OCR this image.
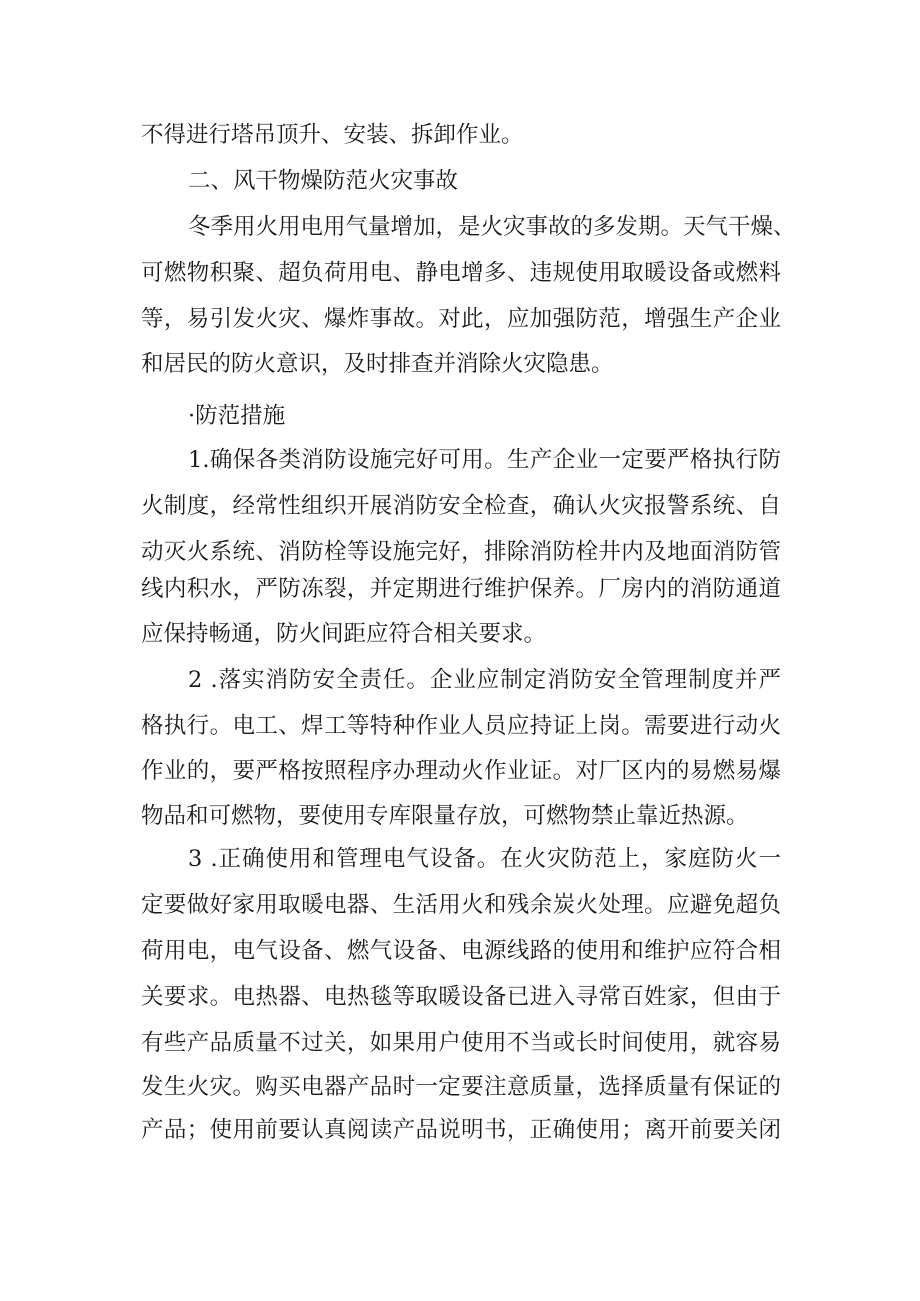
不得进行塔吊顶升、安装、拆卸作业。
二、风干物燥防范火灾事故
冬季用火用电用气量增加，是火灾事故的多发期。天气干燥、
可燃物积聚、超负荷用电、静电增多、违规使用取暖设备或燃料
等，易引发火灾、爆炸事故。对此，应加强防范，增强生产企业
和居民的防火意识，及时排查并消除火灾隐患。
·防范措施
1.确保各类消防设施完好可用。生产企业一定要严格执行防
火制度，经常性组织开展消防安全检查，确认火灾报警系统、自
动灭火系统、消防栓等设施完好，排除消防栓井内及地面消防管
线内积水，严防冻裂，并定期进行维护保养。厂房内的消防通道
应保持畅通，防火间距应符合相关要求。
2 .落实消防安全责任。企业应制定消防安全管理制度并严
格执行。电工、焊工等特种作业人员应持证上岗。需要进行动火
作业的，要严格按照程序办理动火作业证。对厂区内的易燃易爆
物品和可燃物，要使用专库限量存放，可燃物禁止靠近热源。
3 .正确使用和管理电气设备。在火灾防范上，家庭防火一
定要做好家用取暖电器、生活用火和残余炭火处理。应避免超负
荷用电，电气设备、燃气设备、电源线路的使用和维护应符合相
关要求。电热器、电热毯等取暖设备已进入寻常百姓家，但由于
有些产品质量不过关，如果用户使用不当或长时间使用，就容易
发生火灾。购买电器产品时一定要注意质量，选择质量有保证的
产品；使用前要认真阅读产品说明书，正确使用；离开前要关闭
